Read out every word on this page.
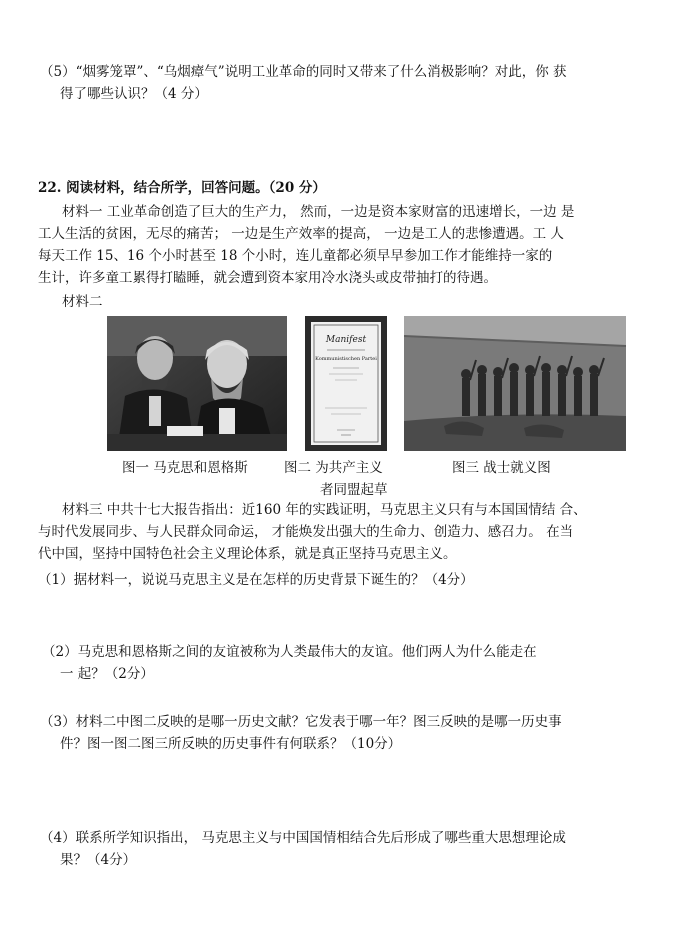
（5）“烟雾笼罩”、“乌烟瘴气”说明工业革命的同时又带来了什么消极影响？对此，你 获
得了哪些认识？（4 分）
22. 阅读材料，结合所学，回答问题。（20 分）
材料一 工业革命创造了巨大的生产力， 然而，一边是资本家财富的迅速增长，一边 是
工人生活的贫困，无尽的痛苦； 一边是生产效率的提高， 一边是工人的悲惨遭遇。工 人
每天工作 15、16 个小时甚至 18 个小时，连儿童都必须早早参加工作才能维持一家的
生计，许多童工累得打瞌睡，就会遭到资本家用冷水浇头或皮带抽打的待遇。
材料二
Manifest
Kommunistischen Partei
图一 马克思和恩格斯	图二 为共产主义
者同盟起草
图三 战士就义图
材料三 中共十七大报告指出：近160 年的实践证明，马克思主义只有与本国国情结 合、
与时代发展同步、与人民群众同命运， 才能焕发出强大的生命力、创造力、感召力。 在当
代中国，坚持中国特色社会主义理论体系，就是真正坚持马克思主义。
（1）据材料一，说说马克思主义是在怎样的历史背景下诞生的？（4分）
（2）马克思和恩格斯之间的友谊被称为人类最伟大的友谊。他们两人为什么能走在
一 起？（2分）
（3）材料二中图二反映的是哪一历史文献？它发表于哪一年？图三反映的是哪一历史事
件？图一图二图三所反映的历史事件有何联系？（10分）
（4）联系所学知识指出， 马克思主义与中国国情相结合先后形成了哪些重大思想理论成
果？（4分）
